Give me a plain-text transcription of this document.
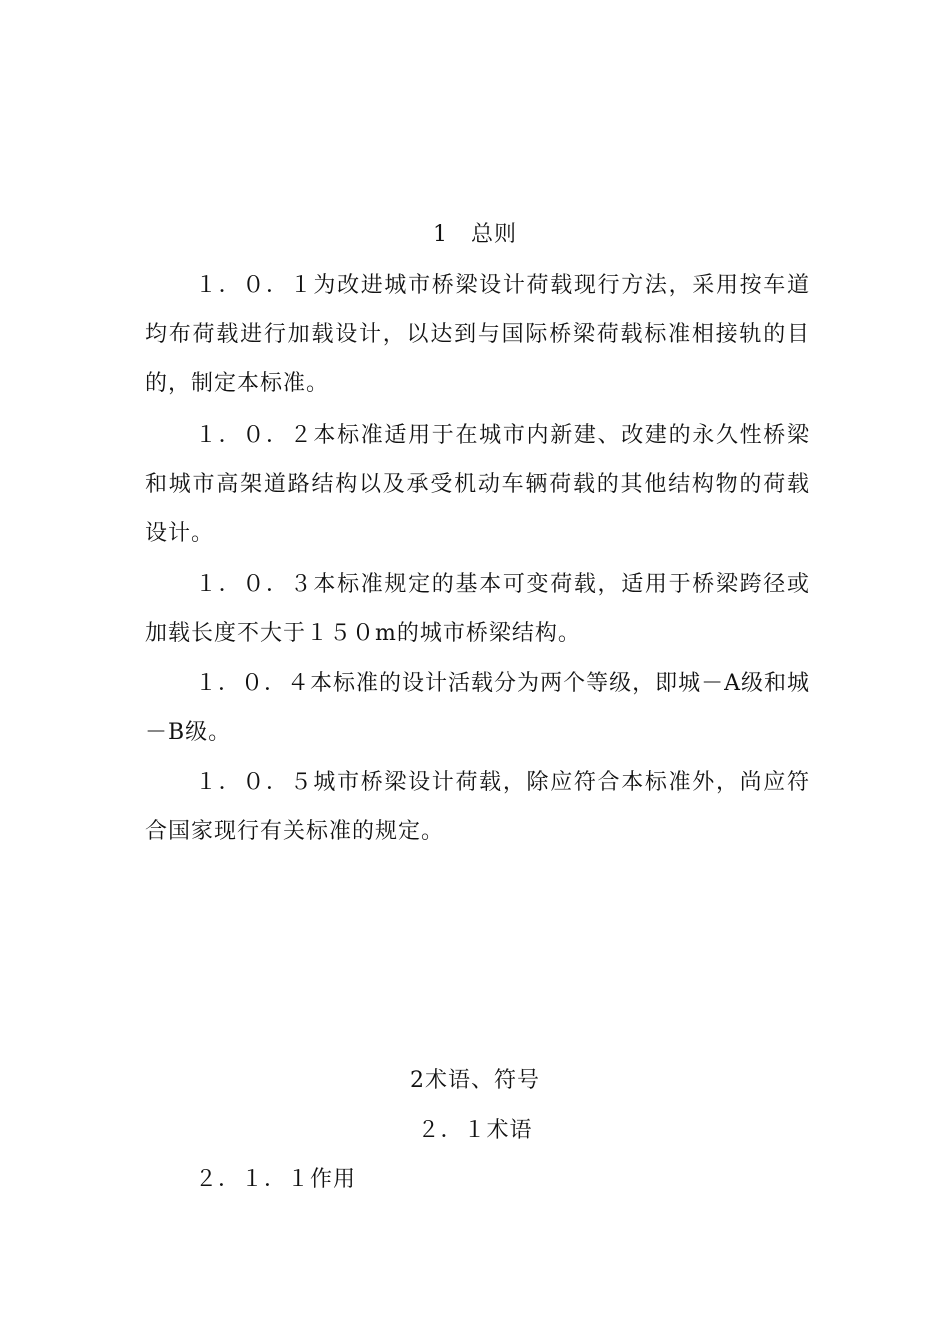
1　总则

１．０．１为改进城市桥梁设计荷载现行方法，采用按车道均布荷载进行加载设计，以达到与国际桥梁荷载标准相接轨的目的，制定本标准。

１．０．２本标准适用于在城市内新建、改建的永久性桥梁和城市高架道路结构以及承受机动车辆荷载的其他结构物的荷载设计。

１．０．３本标准规定的基本可变荷载，适用于桥梁跨径或加载长度不大于１５０m的城市桥梁结构。

１．０．４本标准的设计活载分为两个等级，即城－A级和城－B级。

１．０．５城市桥梁设计荷载，除应符合本标准外，尚应符合国家现行有关标准的规定。

2术语、符号
２．１术语
２．１．１作用
